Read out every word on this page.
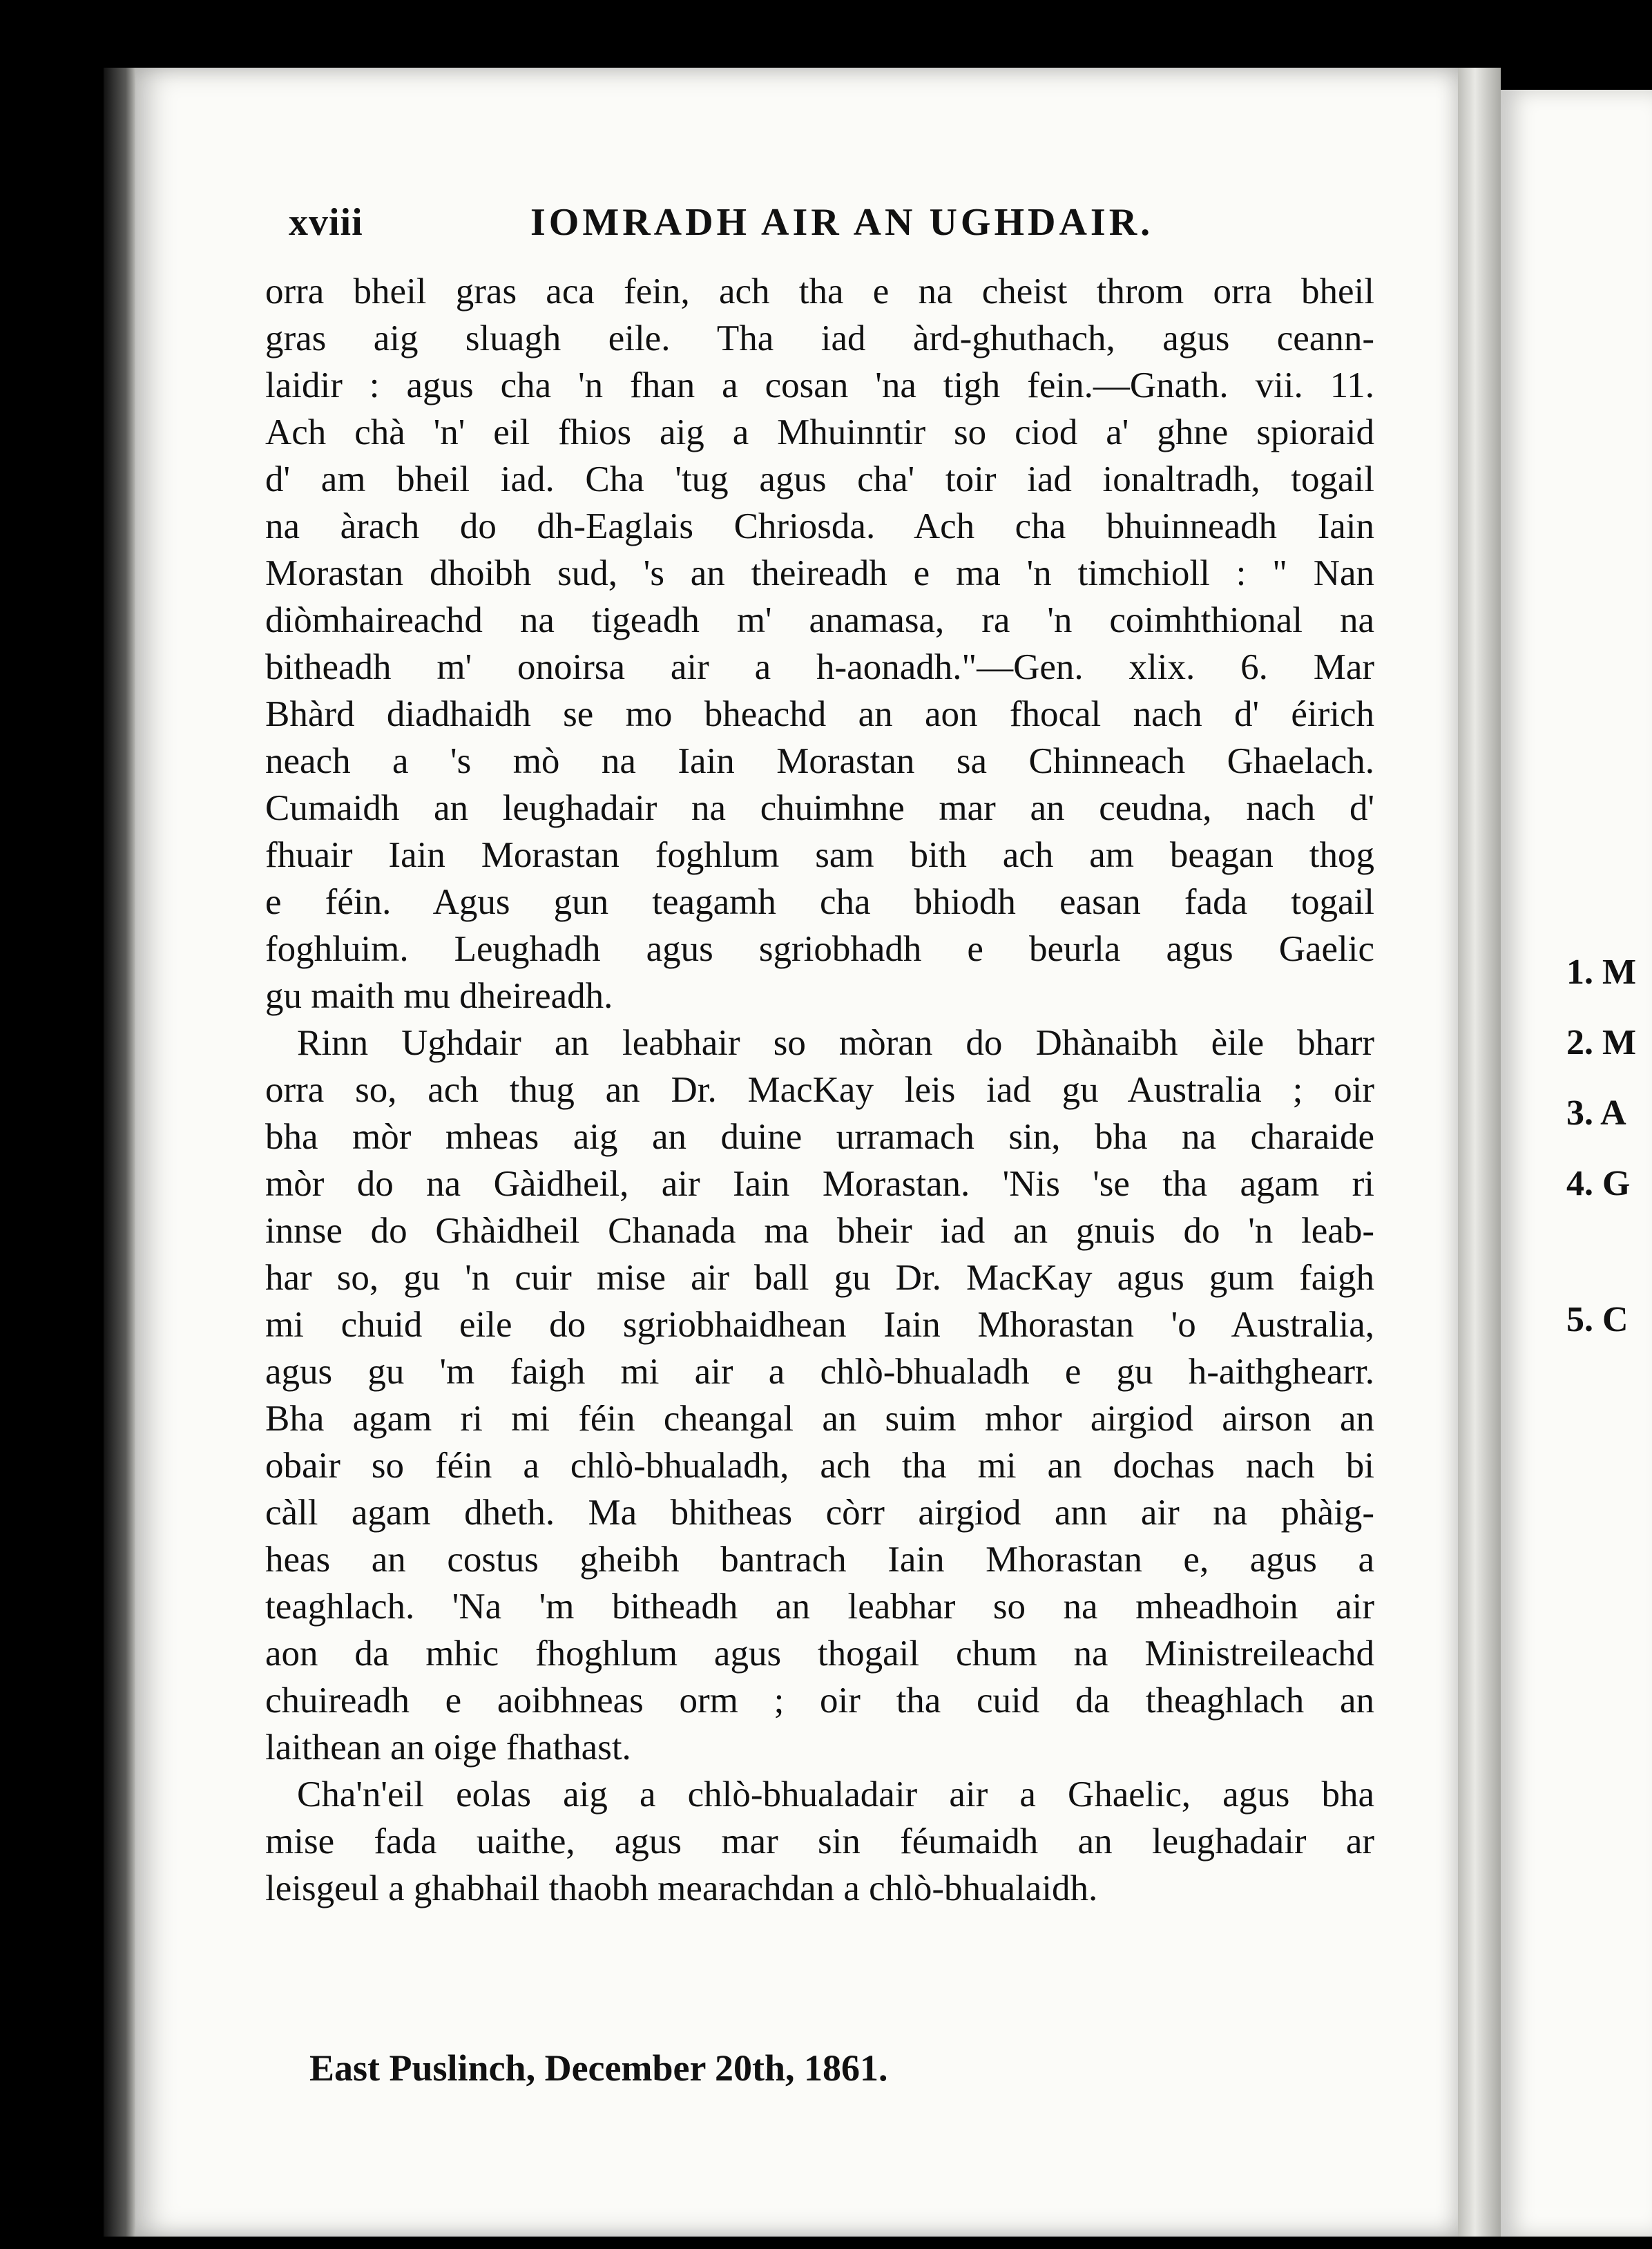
xviii	IOMRADH AIR AN UGHDAIR.
orra bheil gras aca fein, ach tha e na cheist throm orra bheil
gras aig sluagh eile. Tha iad àrd-ghuthach, agus ceann-
laidir : agus cha 'n fhan a cosan 'na tigh fein.—Gnath. vii. 11.
Ach chà 'n' eil fhios aig a Mhuinntir so ciod a' ghne spioraid
d' am bheil iad. Cha 'tug agus cha' toir iad ionaltradh, togail
na àrach do dh-Eaglais Chriosda. Ach cha bhuinneadh Iain
Morastan dhoibh sud, 's an theireadh e ma 'n timchioll : " Nan
diòmhaireachd na tigeadh m' anamasa, ra 'n coimhthional na
bitheadh m' onoirsa air a h-aonadh."—Gen. xlix. 6. Mar
Bhàrd diadhaidh se mo bheachd an aon fhocal nach d' éirich
neach a 's mò na Iain Morastan sa Chinneach Ghaelach.
Cumaidh an leughadair na chuimhne mar an ceudna, nach d'
fhuair Iain Morastan foghlum sam bith ach am beagan thog
e féin. Agus gun teagamh cha bhiodh easan fada togail
foghluim. Leughadh agus sgriobhadh e beurla agus Gaelic
gu maith mu dheireadh.
Rinn Ughdair an leabhair so mòran do Dhànaibh èile bharr
orra so, ach thug an Dr. MacKay leis iad gu Australia ; oir
bha mòr mheas aig an duine urramach sin, bha na charaide
mòr do na Gàidheil, air Iain Morastan. 'Nis 'se tha agam ri
innse do Ghàidheil Chanada ma bheir iad an gnuis do 'n leab-
har so, gu 'n cuir mise air ball gu Dr. MacKay agus gum faigh
mi chuid eile do sgriobhaidhean Iain Mhorastan 'o Australia,
agus gu 'm faigh mi air a chlò-bhualadh e gu h-aithghearr.
Bha agam ri mi féin cheangal an suim mhor airgiod airson an
obair so féin a chlò-bhualadh, ach tha mi an dochas nach bi
càll agam dheth. Ma bhitheas còrr airgiod ann air na phàig-
heas an costus gheibh bantrach Iain Mhorastan e, agus a
teaghlach. 'Na 'm bitheadh an leabhar so na mheadhoin air
aon da mhic fhoghlum agus thogail chum na Ministreileachd
chuireadh e aoibhneas orm ; oir tha cuid da theaghlach an
laithean an oige fhathast.
Cha'n'eil eolas aig a chlò-bhualadair air a Ghaelic, agus bha
mise fada uaithe, agus mar sin féumaidh an leughadair ar
leisgeul a ghabhail thaobh mearachdan a chlò-bhualaidh.
East Puslinch, December 20th, 1861.
1. M
2. M
3. A
4. G
5. C
